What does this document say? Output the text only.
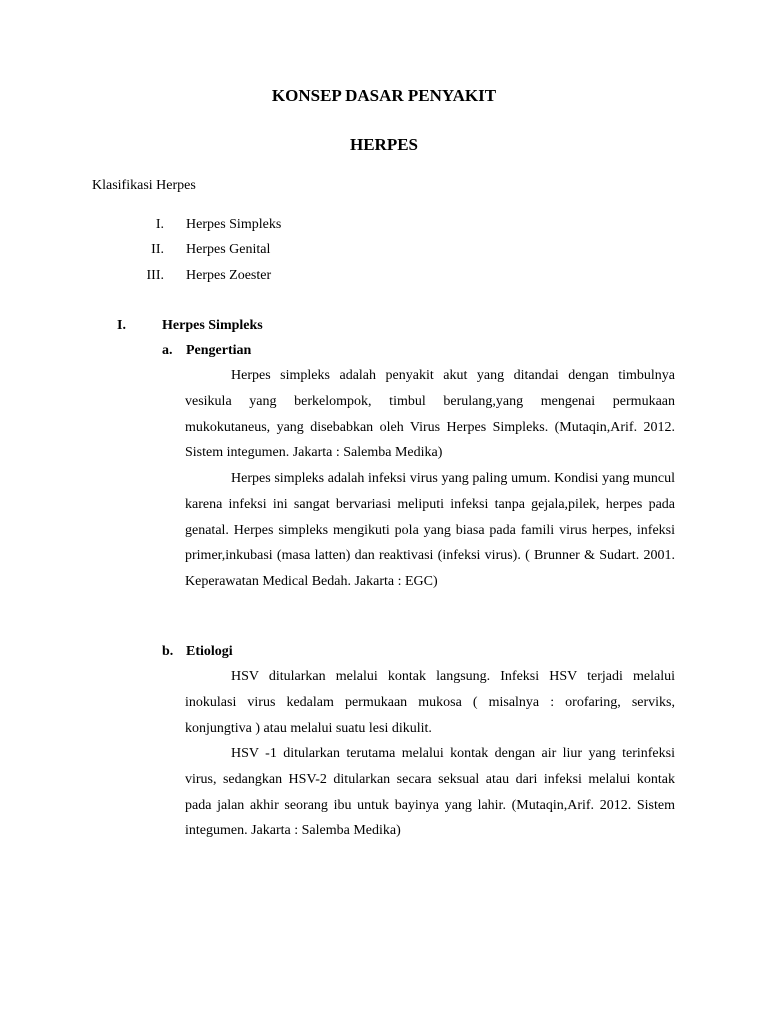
KONSEP DASAR PENYAKIT
HERPES

Klasifikasi Herpes

I. Herpes Simpleks
II. Herpes Genital
III. Herpes Zoester
I.	Herpes Simpleks
a. Pengertian

Herpes simpleks adalah penyakit akut yang ditandai dengan timbulnya vesikula yang berkelompok, timbul berulang,yang mengenai permukaan mukokutaneus, yang disebabkan oleh Virus Herpes Simpleks. (Mutaqin,Arif. 2012. Sistem integumen. Jakarta : Salemba Medika)

Herpes simpleks adalah infeksi virus yang paling umum. Kondisi yang muncul karena infeksi ini sangat bervariasi meliputi infeksi tanpa gejala,pilek, herpes pada genatal. Herpes simpleks mengikuti pola yang biasa pada famili virus herpes, infeksi primer,inkubasi (masa latten) dan reaktivasi (infeksi virus). ( Brunner & Sudart. 2001. Keperawatan Medical Bedah. Jakarta : EGC)

b. Etiologi

HSV ditularkan melalui kontak langsung. Infeksi HSV terjadi melalui inokulasi virus kedalam permukaan mukosa ( misalnya : orofaring, serviks, konjungtiva ) atau melalui suatu lesi dikulit.

HSV -1 ditularkan terutama melalui kontak dengan air liur yang terinfeksi virus, sedangkan HSV-2 ditularkan secara seksual atau dari infeksi melalui kontak pada jalan akhir seorang ibu untuk bayinya yang lahir. (Mutaqin,Arif. 2012. Sistem integumen. Jakarta : Salemba Medika)
